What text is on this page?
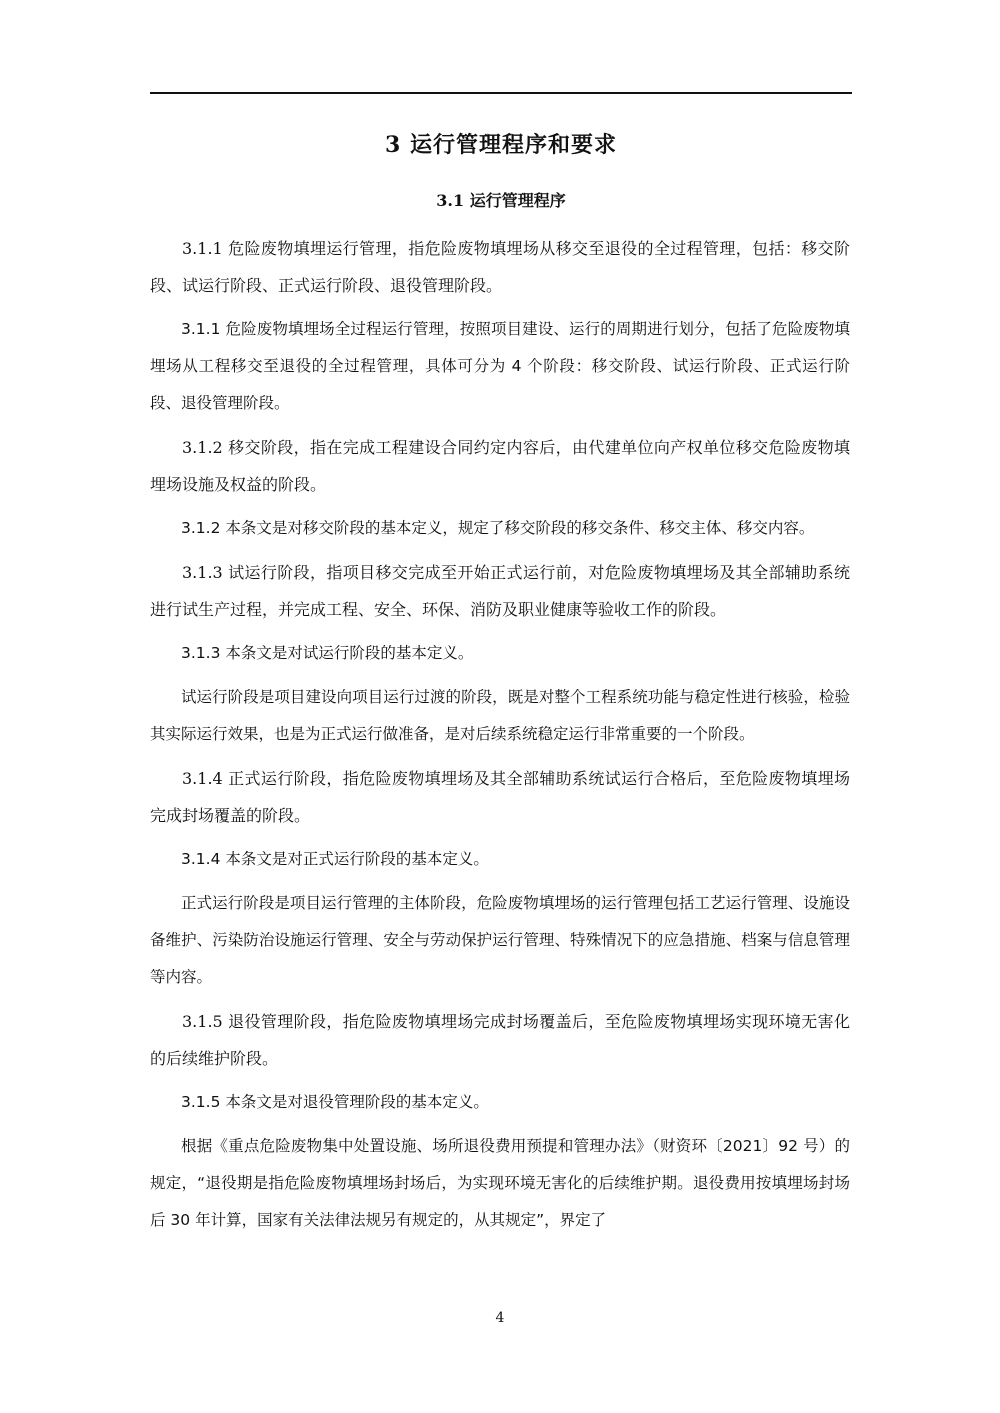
3 运行管理程序和要求
3.1 运行管理程序

3.1.1 危险废物填埋运行管理，指危险废物填埋场从移交至退役的全过程管理，包括：移交阶段、试运行阶段、正式运行阶段、退役管理阶段。

3.1.1 危险废物填埋场全过程运行管理，按照项目建设、运行的周期进行划分，包括了危险废物填埋场从工程移交至退役的全过程管理，具体可分为 4 个阶段：移交阶段、试运行阶段、正式运行阶段、退役管理阶段。

3.1.2 移交阶段，指在完成工程建设合同约定内容后，由代建单位向产权单位移交危险废物填埋场设施及权益的阶段。

3.1.2 本条文是对移交阶段的基本定义，规定了移交阶段的移交条件、移交主体、移交内容。

3.1.3 试运行阶段，指项目移交完成至开始正式运行前，对危险废物填埋场及其全部辅助系统进行试生产过程，并完成工程、安全、环保、消防及职业健康等验收工作的阶段。

3.1.3 本条文是对试运行阶段的基本定义。

试运行阶段是项目建设向项目运行过渡的阶段，既是对整个工程系统功能与稳定性进行核验，检验其实际运行效果，也是为正式运行做准备，是对后续系统稳定运行非常重要的一个阶段。

3.1.4 正式运行阶段，指危险废物填埋场及其全部辅助系统试运行合格后，至危险废物填埋场完成封场覆盖的阶段。

3.1.4 本条文是对正式运行阶段的基本定义。

正式运行阶段是项目运行管理的主体阶段，危险废物填埋场的运行管理包括工艺运行管理、设施设备维护、污染防治设施运行管理、安全与劳动保护运行管理、特殊情况下的应急措施、档案与信息管理等内容。

3.1.5 退役管理阶段，指危险废物填埋场完成封场覆盖后，至危险废物填埋场实现环境无害化的后续维护阶段。

3.1.5 本条文是对退役管理阶段的基本定义。

根据《重点危险废物集中处置设施、场所退役费用预提和管理办法》（财资环〔2021〕92 号）的规定，“退役期是指危险废物填埋场封场后，为实现环境无害化的后续维护期。退役费用按填埋场封场后 30 年计算，国家有关法律法规另有规定的，从其规定”，界定了

4
